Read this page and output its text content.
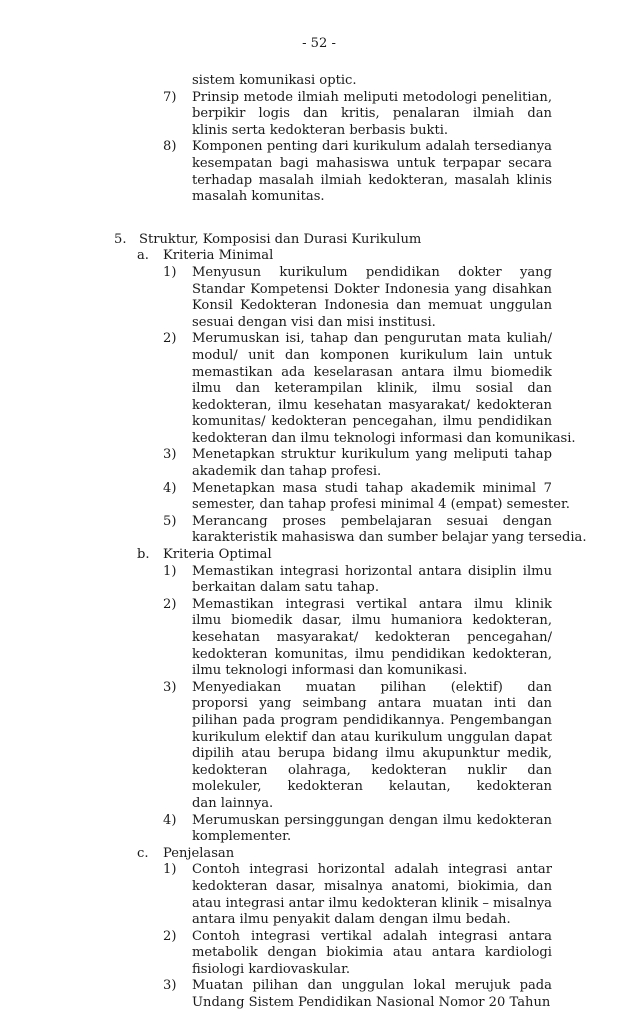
- 52 -
sistem komunikasi optic.
7) Prinsip metode ilmiah meliputi metodologi penelitian,
berpikir logis dan kritis, penalaran ilmiah dan
klinis serta kedokteran berbasis bukti.
8) Komponen penting dari kurikulum adalah tersedianya
kesempatan bagi mahasiswa untuk terpapar secara
terhadap masalah ilmiah kedokteran, masalah klinis
masalah komunitas.
5. Struktur, Komposisi dan Durasi Kurikulum
a. Kriteria Minimal
1) Menyusun kurikulum pendidikan dokter yang
Standar Kompetensi Dokter Indonesia yang disahkan
Konsil Kedokteran Indonesia dan memuat unggulan
sesuai dengan visi dan misi institusi.
2) Merumuskan isi, tahap dan pengurutan mata kuliah/
modul/ unit dan komponen kurikulum lain untuk
memastikan ada keselarasan antara ilmu biomedik
ilmu dan keterampilan klinik, ilmu sosial dan
kedokteran, ilmu kesehatan masyarakat/ kedokteran
komunitas/ kedokteran pencegahan, ilmu pendidikan
kedokteran dan ilmu teknologi informasi dan komunikasi.
3) Menetapkan struktur kurikulum yang meliputi tahap
akademik dan tahap profesi.
4) Menetapkan masa studi tahap akademik minimal 7
semester, dan tahap profesi minimal 4 (empat) semester.
5) Merancang proses pembelajaran sesuai dengan
karakteristik mahasiswa dan sumber belajar yang tersedia.
b. Kriteria Optimal
1) Memastikan integrasi horizontal antara disiplin ilmu
berkaitan dalam satu tahap.
2) Memastikan integrasi vertikal antara ilmu klinik
ilmu biomedik dasar, ilmu humaniora kedokteran,
kesehatan masyarakat/ kedokteran pencegahan/
kedokteran komunitas, ilmu pendidikan kedokteran,
ilmu teknologi informasi dan komunikasi.
3) Menyediakan muatan pilihan (elektif) dan
proporsi yang seimbang antara muatan inti dan
pilihan pada program pendidikannya. Pengembangan
kurikulum elektif dan atau kurikulum unggulan dapat
dipilih atau berupa bidang ilmu akupunktur medik,
kedokteran olahraga, kedokteran nuklir dan
molekuler, kedokteran kelautan, kedokteran
dan lainnya.
4) Merumuskan persinggungan dengan ilmu kedokteran
komplementer.
c. Penjelasan
1) Contoh integrasi horizontal adalah integrasi antar
kedokteran dasar, misalnya anatomi, biokimia, dan
atau integrasi antar ilmu kedokteran klinik – misalnya
antara ilmu penyakit dalam dengan ilmu bedah.
2) Contoh integrasi vertikal adalah integrasi antara
metabolik dengan biokimia atau antara kardiologi
fisiologi kardiovaskular.
3) Muatan pilihan dan unggulan lokal merujuk pada
Undang Sistem Pendidikan Nasional Nomor 20 Tahun
